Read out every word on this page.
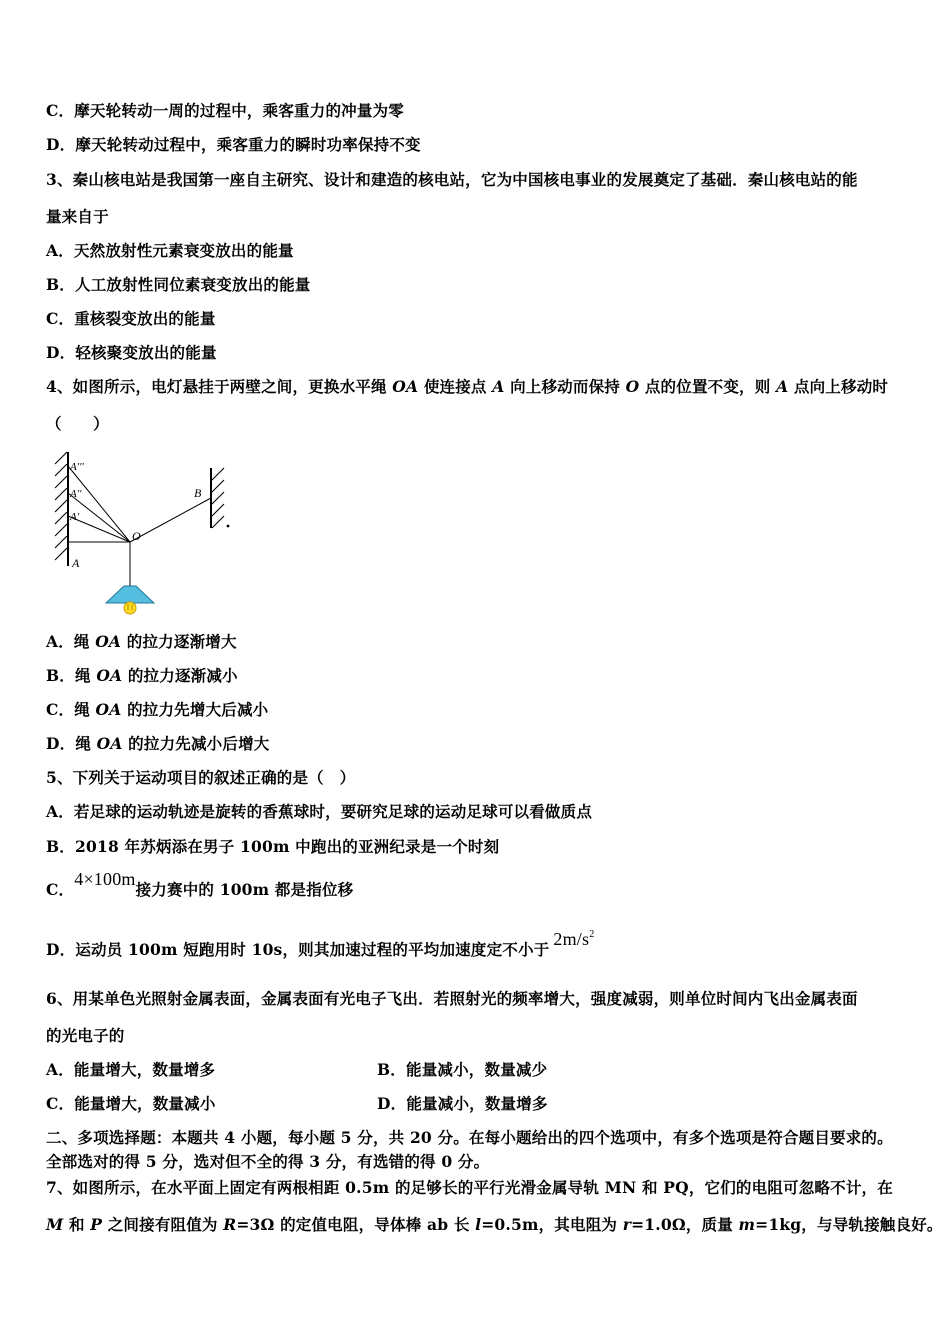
C．摩天轮转动一周的过程中，乘客重力的冲量为零
D．摩天轮转动过程中，乘客重力的瞬时功率保持不变
3、秦山核电站是我国第一座自主研究、设计和建造的核电站，它为中国核电事业的发展奠定了基础．秦山核电站的能
量来自于
A．天然放射性元素衰变放出的能量
B．人工放射性同位素衰变放出的能量
C．重核裂变放出的能量
D．轻核聚变放出的能量
4、如图所示，电灯悬挂于两壁之间，更换水平绳 OA 使连接点 A 向上移动而保持 O 点的位置不变，则 A 点向上移动时
（　　）
A'''
A''
A'
A
O
B
A．绳 OA 的拉力逐渐增大
B．绳 OA 的拉力逐渐减小
C．绳 OA 的拉力先增大后减小
D．绳 OA 的拉力先减小后增大
5、下列关于运动项目的叙述正确的是（　）
A．若足球的运动轨迹是旋转的香蕉球时，要研究足球的运动足球可以看做质点
B．2018 年苏炳添在男子 100m 中跑出的亚洲纪录是一个时刻
C．4×100m接力赛中的 100m 都是指位移
D．运动员 100m 短跑用时 10s，则其加速过程的平均加速度定不小于$2m/s^2$
6、用某单色光照射金属表面，金属表面有光电子飞出．若照射光的频率增大，强度减弱，则单位时间内飞出金属表面
的光电子的
A．能量增大，数量增多	B．能量减小，数量减少
C．能量增大，数量减小	D．能量减小，数量增多
二、多项选择题：本题共 4 小题，每小题 5 分，共 20 分。在每小题给出的四个选项中，有多个选项是符合题目要求的。
全部选对的得 5 分，选对但不全的得 3 分，有选错的得 0 分。
7、如图所示，在水平面上固定有两根相距 0.5m 的足够长的平行光滑金属导轨 MN 和 PQ，它们的电阻可忽略不计，在
M 和 P 之间接有阻值为 R=3Ω 的定值电阻，导体棒 ab 长 l=0.5m，其电阻为 r=1.0Ω，质量 m=1kg，与导轨接触良好。
